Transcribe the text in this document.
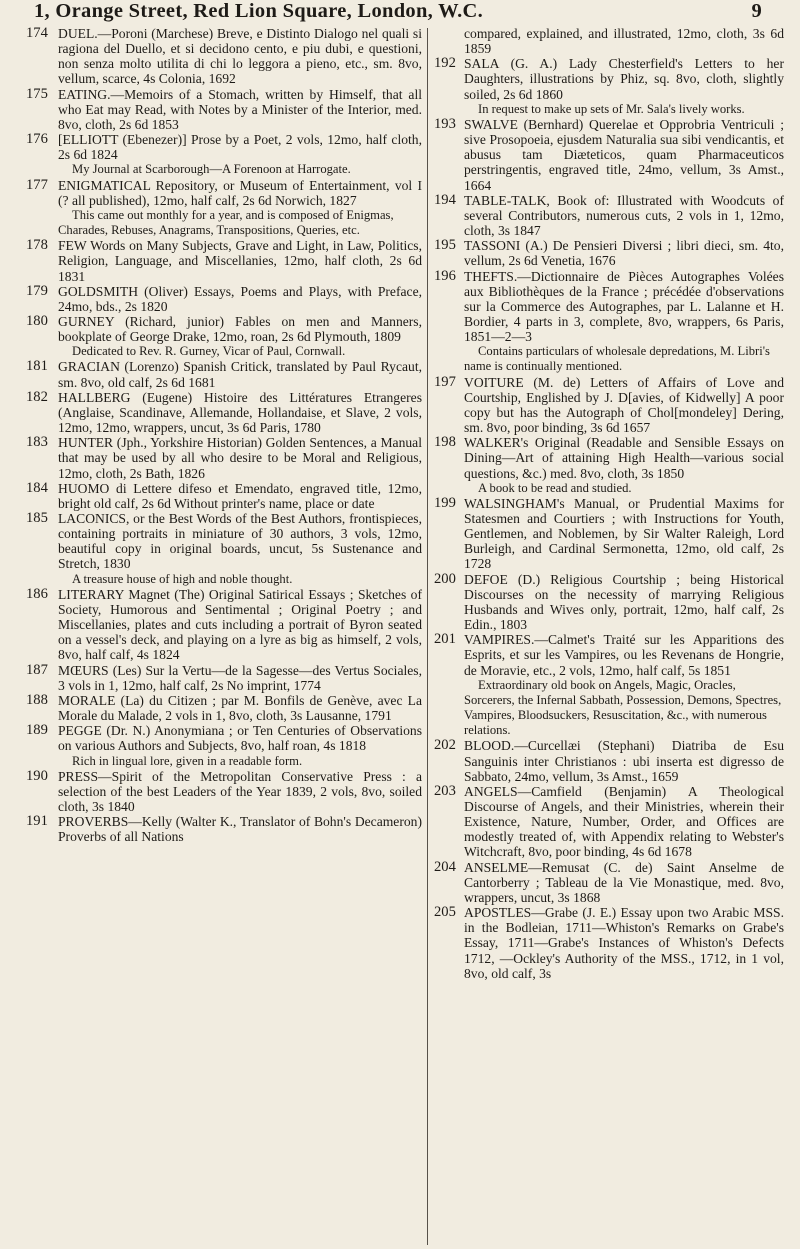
1, Orange Street, Red Lion Square, London, W.C.	9
174 DUEL.—Poroni (Marchese) Breve, e Distinto Dialogo nel quali si ragiona del Duello, et si decidono cento, e piu dubi, e questioni, non senza molto utilita di chi lo leggora a pieno, etc., sm. 8vo, vellum, scarce, 4s Colonia, 1692
175 EATING.—Memoirs of a Stomach, written by Himself, that all who Eat may Read, with Notes by a Minister of the Interior, med. 8vo, cloth, 2s 6d 1853
176 [ELLIOTT (Ebenezer)] Prose by a Poet, 2 vols, 12mo, half cloth, 2s 6d 1824
My Journal at Scarborough—A Forenoon at Harrogate.
177 ENIGMATICAL Repository, or Museum of Entertainment, vol I (? all published), 12mo, half calf, 2s 6d Norwich, 1827
This came out monthly for a year, and is composed of Enigmas, Charades, Rebuses, Anagrams, Transpositions, Queries, etc.
178 FEW Words on Many Subjects, Grave and Light, in Law, Politics, Religion, Language, and Miscellanies, 12mo, half cloth, 2s 6d 1831
179 GOLDSMITH (Oliver) Essays, Poems and Plays, with Preface, 24mo, bds., 2s 1820
180 GURNEY (Richard, junior) Fables on men and Manners, bookplate of George Drake, 12mo, roan, 2s 6d Plymouth, 1809
Dedicated to Rev. R. Gurney, Vicar of Paul, Cornwall.
181 GRACIAN (Lorenzo) Spanish Critick, translated by Paul Rycaut, sm. 8vo, old calf, 2s 6d 1681
182 HALLBERG (Eugene) Histoire des Littératures Etrangeres (Anglaise, Scandinave, Allemande, Hollandaise, et Slave, 2 vols, 12mo, 12mo, wrappers, uncut, 3s 6d Paris, 1780
183 HUNTER (Jph., Yorkshire Historian) Golden Sentences, a Manual that may be used by all who desire to be Moral and Religious, 12mo, cloth, 2s Bath, 1826
184 HUOMO di Lettere difeso et Emendato, engraved title, 12mo, bright old calf, 2s 6d Without printer's name, place or date
185 LACONICS, or the Best Words of the Best Authors, frontispieces, containing portraits in miniature of 30 authors, 3 vols, 12mo, beautiful copy in original boards, uncut, 5s Sustenance and Stretch, 1830
A treasure house of high and noble thought.
186 LITERARY Magnet (The) Original Satirical Essays ; Sketches of Society, Humorous and Sentimental ; Original Poetry ; and Miscellanies, plates and cuts including a portrait of Byron seated on a vessel's deck, and playing on a lyre as big as himself, 2 vols, 8vo, half calf, 4s 1824
187 MŒURS (Les) Sur la Vertu—de la Sagesse—des Vertus Sociales, 3 vols in 1, 12mo, half calf, 2s No imprint, 1774
188 MORALE (La) du Citizen ; par M. Bonfils de Genève, avec La Morale du Malade, 2 vols in 1, 8vo, cloth, 3s Lausanne, 1791
189 PEGGE (Dr. N.) Anonymiana ; or Ten Centuries of Observations on various Authors and Subjects, 8vo, half roan, 4s 1818
Rich in lingual lore, given in a readable form.
190 PRESS—Spirit of the Metropolitan Conservative Press : a selection of the best Leaders of the Year 1839, 2 vols, 8vo, soiled cloth, 3s 1840
191 PROVERBS—Kelly (Walter K., Translator of Bohn's Decameron) Proverbs of all Nations
compared, explained, and illustrated, 12mo, cloth, 3s 6d 1859
192 SALA (G. A.) Lady Chesterfield's Letters to her Daughters, illustrations by Phiz, sq. 8vo, cloth, slightly soiled, 2s 6d 1860
In request to make up sets of Mr. Sala's lively works.
193 SWALVE (Bernhard) Querelae et Opprobria Ventriculi ; sive Prosopoeia, ejusdem Naturalia sua sibi vendicantis, et abusus tam Diæteticos, quam Pharmaceuticos perstringentis, engraved title, 24mo, vellum, 3s Amst., 1664
194 TABLE-TALK, Book of: Illustrated with Woodcuts of several Contributors, numerous cuts, 2 vols in 1, 12mo, cloth, 3s 1847
195 TASSONI (A.) De Pensieri Diversi ; libri dieci, sm. 4to, vellum, 2s 6d Venetia, 1676
196 THEFTS.—Dictionnaire de Pièces Autographes Volées aux Bibliothèques de la France ; précédée d'observations sur la Commerce des Autographes, par L. Lalanne et H. Bordier, 4 parts in 3, complete, 8vo, wrappers, 6s Paris, 1851—2—3
Contains particulars of wholesale depredations, M. Libri's name is continually mentioned.
197 VOITURE (M. de) Letters of Affairs of Love and Courtship, Englished by J. D[avies, of Kidwelly] A poor copy but has the Autograph of Chol[mondeley] Dering, sm. 8vo, poor binding, 3s 6d 1657
198 WALKER's Original (Readable and Sensible Essays on Dining—Art of attaining High Health—various social questions, &c.) med. 8vo, cloth, 3s 1850
A book to be read and studied.
199 WALSINGHAM's Manual, or Prudential Maxims for Statesmen and Courtiers ; with Instructions for Youth, Gentlemen, and Noblemen, by Sir Walter Raleigh, Lord Burleigh, and Cardinal Sermonetta, 12mo, old calf, 2s 1728
200 DEFOE (D.) Religious Courtship ; being Historical Discourses on the necessity of marrying Religious Husbands and Wives only, portrait, 12mo, half calf, 2s Edin., 1803
201 VAMPIRES.—Calmet's Traité sur les Apparitions des Esprits, et sur les Vampires, ou les Revenans de Hongrie, de Moravie, etc., 2 vols, 12mo, half calf, 5s 1851
Extraordinary old book on Angels, Magic, Oracles, Sorcerers, the Infernal Sabbath, Possession, Demons, Spectres, Vampires, Bloodsuckers, Resuscitation, &c., with numerous relations.
202 BLOOD.—Curcellæi (Stephani) Diatriba de Esu Sanguinis inter Christianos : ubi inserta est digresso de Sabbato, 24mo, vellum, 3s Amst., 1659
203 ANGELS—Camfield (Benjamin) A Theological Discourse of Angels, and their Ministries, wherein their Existence, Nature, Number, Order, and Offices are modestly treated of, with Appendix relating to Webster's Witchcraft, 8vo, poor binding, 4s 6d 1678
204 ANSELME—Remusat (C. de) Saint Anselme de Cantorberry ; Tableau de la Vie Monastique, med. 8vo, wrappers, uncut, 3s 1868
205 APOSTLES—Grabe (J. E.) Essay upon two Arabic MSS. in the Bodleian, 1711—Whiston's Remarks on Grabe's Essay, 1711—Grabe's Instances of Whiston's Defects 1712, —Ockley's Authority of the MSS., 1712, in 1 vol, 8vo, old calf, 3s
